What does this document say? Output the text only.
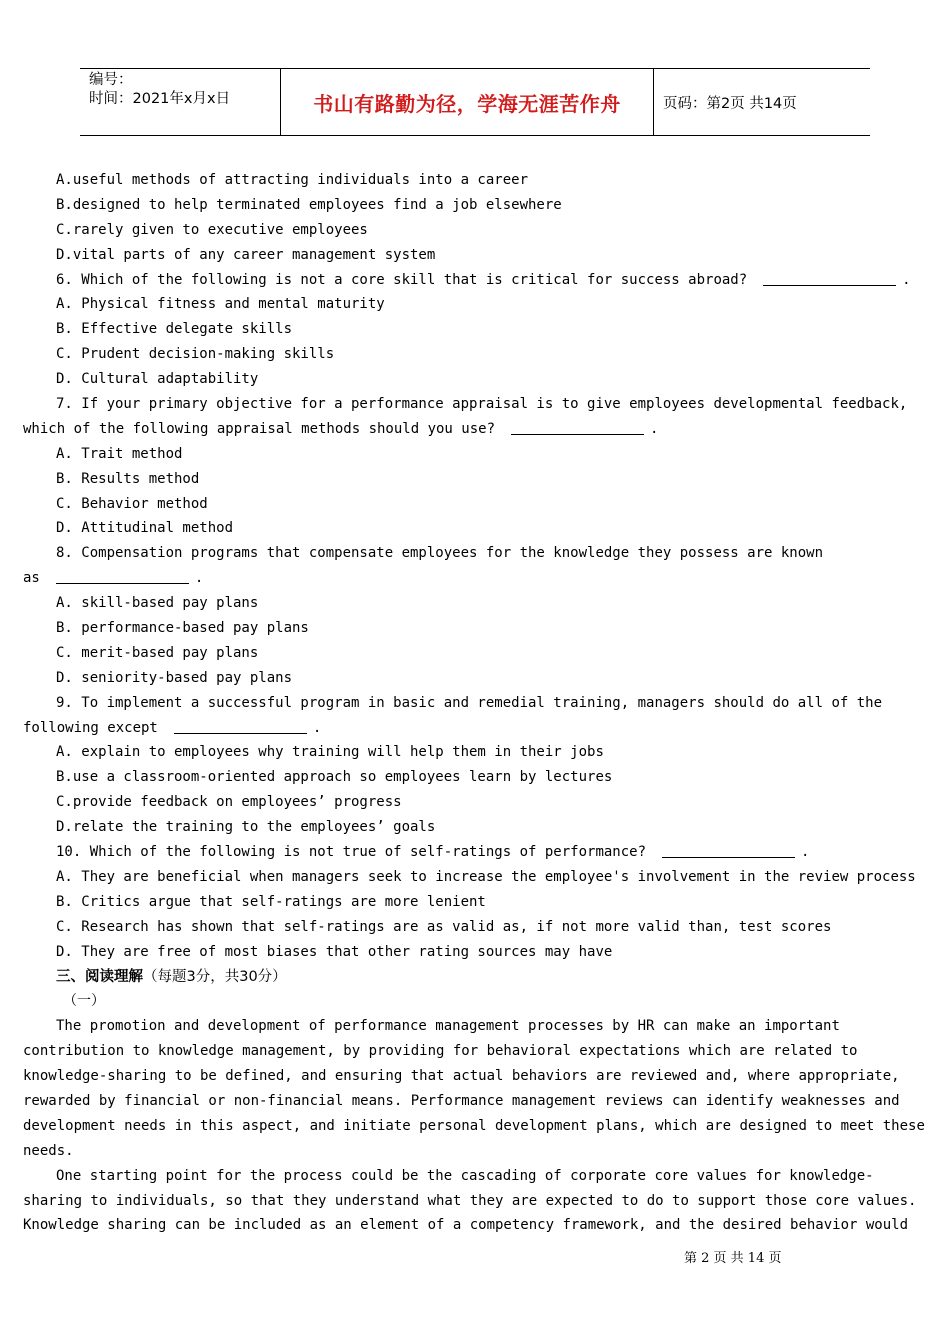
编号：
时间：2021年x月x日	书山有路勤为径，学海无涯苦作舟	页码：第2页 共14页
A.useful methods of attracting individuals into a career
B.designed to help terminated employees find a job elsewhere
C.rarely given to executive employees
D.vital parts of any career management system
6. Which of the following is not a core skill that is critical for success abroad?	.
A. Physical fitness and mental maturity
B. Effective delegate skills
C. Prudent decision-making skills
D. Cultural adaptability
7. If your primary objective for a performance appraisal is to give employees developmental feedback,
which of the following appraisal methods should you use?	.
A. Trait method
B. Results method
C. Behavior method
D. Attitudinal method
8. Compensation programs that compensate employees for the knowledge they possess are known
as	.
A. skill-based pay plans
B. performance-based pay plans
C. merit-based pay plans
D. seniority-based pay plans
9. To implement a successful program in basic and remedial training, managers should do all of the
following except	.
A. explain to employees why training will help them in their jobs
B.use a classroom-oriented approach so employees learn by lectures
C.provide feedback on employees’ progress
D.relate the training to the employees’ goals
10. Which of the following is not true of self-ratings of performance?	.
A. They are beneficial when managers seek to increase the employee's involvement in the review process
B. Critics argue that self-ratings are more lenient
C. Research has shown that self-ratings are as valid as, if not more valid than, test scores
D. They are free of most biases that other rating sources may have
三、阅读理解（每题3分，共30分）
（一）
The promotion and development of performance management processes by HR can make an important
contribution to knowledge management, by providing for behavioral expectations which are related to
knowledge-sharing to be defined, and ensuring that actual behaviors are reviewed and, where appropriate,
rewarded by financial or non-financial means. Performance management reviews can identify weaknesses and
development needs in this aspect, and initiate personal development plans, which are designed to meet these
needs.
One starting point for the process could be the cascading of corporate core values for knowledge-
sharing to individuals, so that they understand what they are expected to do to support those core values.
Knowledge sharing can be included as an element of a competency framework, and the desired behavior would
第 2 页 共 14 页
